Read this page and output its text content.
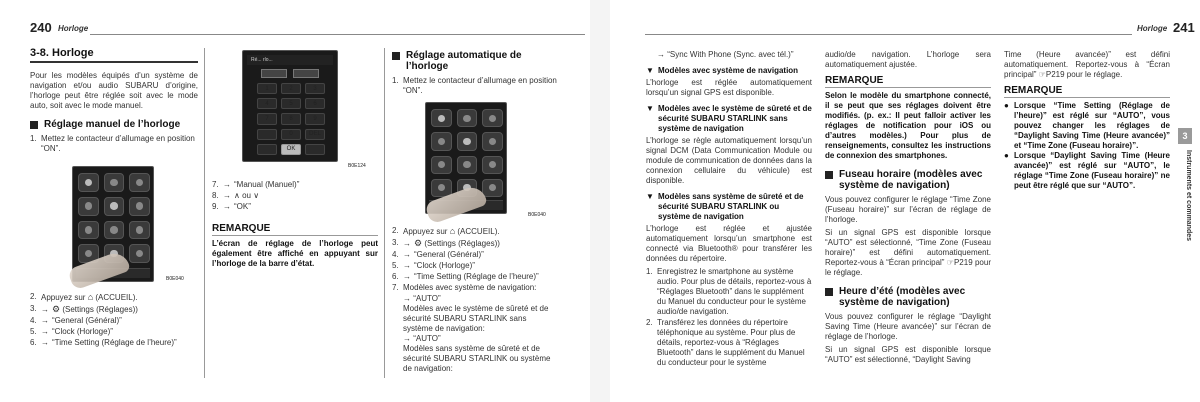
240 Horloge
3-8. Horloge
Pour les modèles équipés d’un système de navigation et/ou audio SUBARU d’origine, l’horloge peut être réglée soit avec le mode auto, soit avec le mode manuel.
Réglage manuel de l’horloge
1. Mettez le contacteur d’allumage en position “ON”.
B0E040
2. Appuyez sur ⌂ (ACCUEIL).
3. → ⚙ (Settings (Réglages))
4. → “General (Général)”
5. → “Clock (Horloge)”
6. → “Time Setting (Réglage de l’heure)”
Ré... rlo...
1	2	3
4	5	6
7	8	9
0	DEL
OK
B0E124
7. → “Manual (Manuel)”
8. → ∧ ou ∨
9. → “OK”
REMARQUE
L’écran de réglage de l’horloge peut également être affiché en appuyant sur l’horloge de la barre d’état.
Réglage automatique de l’horloge
1. Mettez le contacteur d’allumage en position “ON”.
B0E040
2. Appuyez sur ⌂ (ACCUEIL).
3. → ⚙ (Settings (Réglages))
4. → “General (Général)”
5. → “Clock (Horloge)”
6. → “Time Setting (Réglage de l’heure)”
7. Modèles avec système de navigation:
→ “AUTO”
Modèles avec le système de sûreté et de sécurité SUBARU STARLINK sans système de navigation:
→ “AUTO”
Modèles sans système de sûreté et de sécurité SUBARU STARLINK ou système de navigation:
Horloge 241
→ “Sync With Phone (Sync. avec tél.)”
▼ Modèles avec système de navigation
L’horloge est réglée automatiquement lorsqu’un signal GPS est disponible.
▼ Modèles avec le système de sûreté et de sécurité SUBARU STARLINK sans système de navigation
L’horloge se règle automatiquement lorsqu’un signal DCM (Data Communication Module ou module de communication de données dans la connexion cellulaire du véhicule) est disponible.
▼ Modèles sans système de sûreté et de sécurité SUBARU STARLINK ou système de navigation
L’horloge est réglée et ajustée automatiquement lorsqu’un smartphone est connecté via Bluetooth® pour transférer les données du répertoire.
1. Enregistrez le smartphone au système audio. Pour plus de détails, reportez-vous à “Réglages Bluetooth” dans le supplément du Manuel du conducteur pour le système audio/de navigation.
2. Transférez les données du répertoire téléphonique au système. Pour plus de détails, reportez-vous à “Réglages Bluetooth” dans le supplément du Manuel du conducteur pour le système
audio/de navigation. L’horloge sera automatiquement ajustée.
REMARQUE
Selon le modèle du smartphone connecté, il se peut que ses réglages doivent être modifiés. (p. ex.: Il peut falloir activer les réglages de notification pour iOS ou d’autres modèles.) Pour plus de renseignements, consultez les instructions de connexion des smartphones.
Fuseau horaire (modèles avec système de navigation)
Vous pouvez configurer le réglage “Time Zone (Fuseau horaire)” sur l’écran de réglage de l’horloge.
Si un signal GPS est disponible lorsque “AUTO” est sélectionné, “Time Zone (Fuseau horaire)” est défini automatiquement. Reportez-vous à “Écran principal” ☞P219 pour le réglage.
Heure d’été (modèles avec système de navigation)
Vous pouvez configurer le réglage “Daylight Saving Time (Heure avancée)” sur l’écran de réglage de l’horloge.
Si un signal GPS est disponible lorsque “AUTO” est sélectionné, “Daylight Saving
Time (Heure avancée)” est défini automatiquement. Reportez-vous à “Écran principal” ☞P219 pour le réglage.
REMARQUE
● Lorsque “Time Setting (Réglage de l’heure)” est réglé sur “AUTO”, vous pouvez changer les réglages de “Daylight Saving Time (Heure avancée)” et “Time Zone (Fuseau horaire)”.
● Lorsque “Daylight Saving Time (Heure avancée)” est réglé sur “AUTO”, le réglage “Time Zone (Fuseau horaire)” ne peut être réglé que sur “AUTO”.
3
Instruments et commandes
